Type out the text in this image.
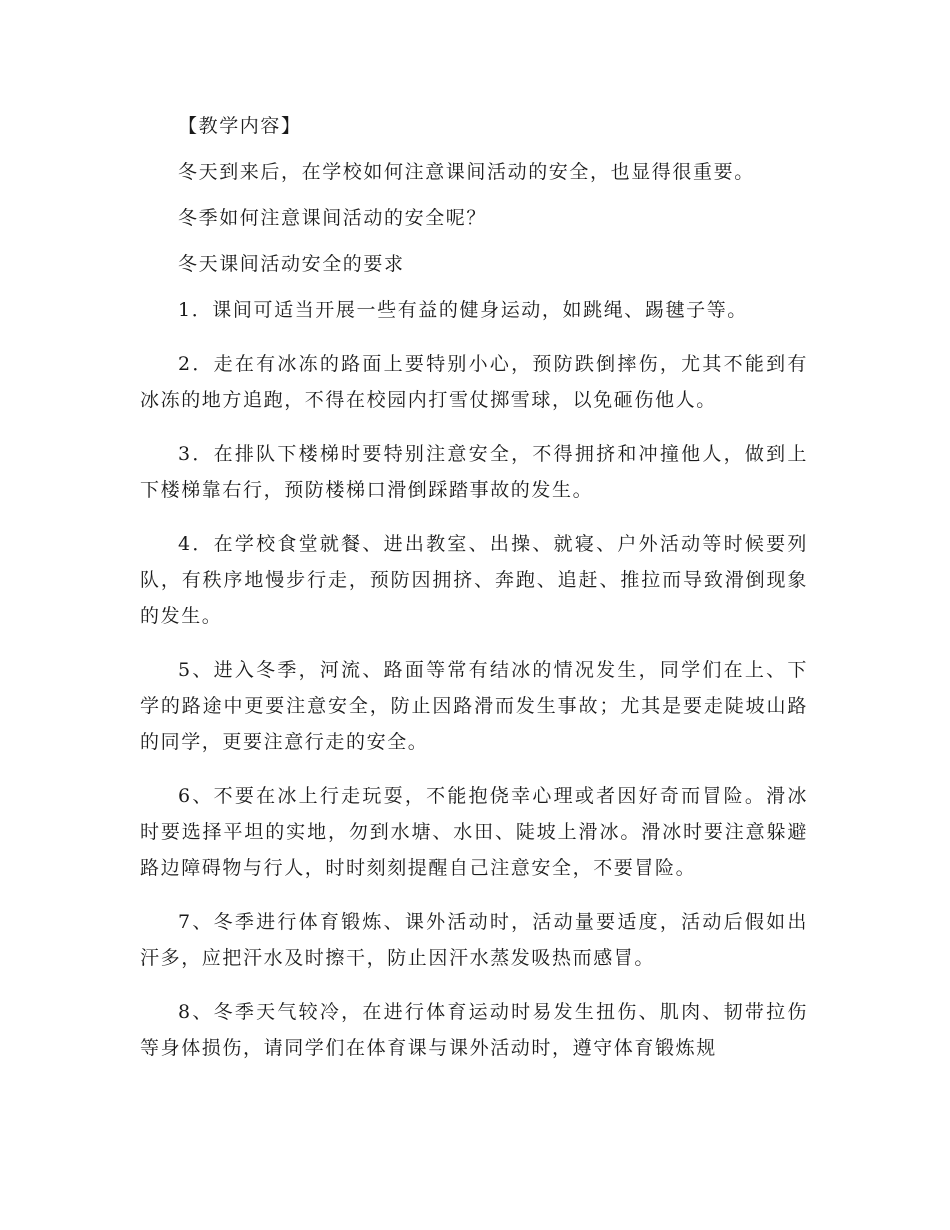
【教学内容】

冬天到来后，在学校如何注意课间活动的安全，也显得很重要。

冬季如何注意课间活动的安全呢？

冬天课间活动安全的要求

1．课间可适当开展一些有益的健身运动，如跳绳、踢毽子等。

2．走在有冰冻的路面上要特别小心，预防跌倒摔伤，尤其不能到有冰冻的地方追跑，不得在校园内打雪仗掷雪球，以免砸伤他人。

3．在排队下楼梯时要特别注意安全，不得拥挤和冲撞他人，做到上下楼梯靠右行，预防楼梯口滑倒踩踏事故的发生。

4．在学校食堂就餐、进出教室、出操、就寝、户外活动等时候要列队，有秩序地慢步行走，预防因拥挤、奔跑、追赶、推拉而导致滑倒现象的发生。

5、进入冬季，河流、路面等常有结冰的情况发生，同学们在上、下学的路途中更要注意安全，防止因路滑而发生事故；尤其是要走陡坡山路的同学，更要注意行走的安全。

6、不要在冰上行走玩耍，不能抱侥幸心理或者因好奇而冒险。滑冰时要选择平坦的实地，勿到水塘、水田、陡坡上滑冰。滑冰时要注意躲避路边障碍物与行人，时时刻刻提醒自己注意安全，不要冒险。

7、冬季进行体育锻炼、课外活动时，活动量要适度，活动后假如出汗多，应把汗水及时擦干，防止因汗水蒸发吸热而感冒。

8、冬季天气较冷，在进行体育运动时易发生扭伤、肌肉、韧带拉伤等身体损伤，请同学们在体育课与课外活动时，遵守体育锻炼规
